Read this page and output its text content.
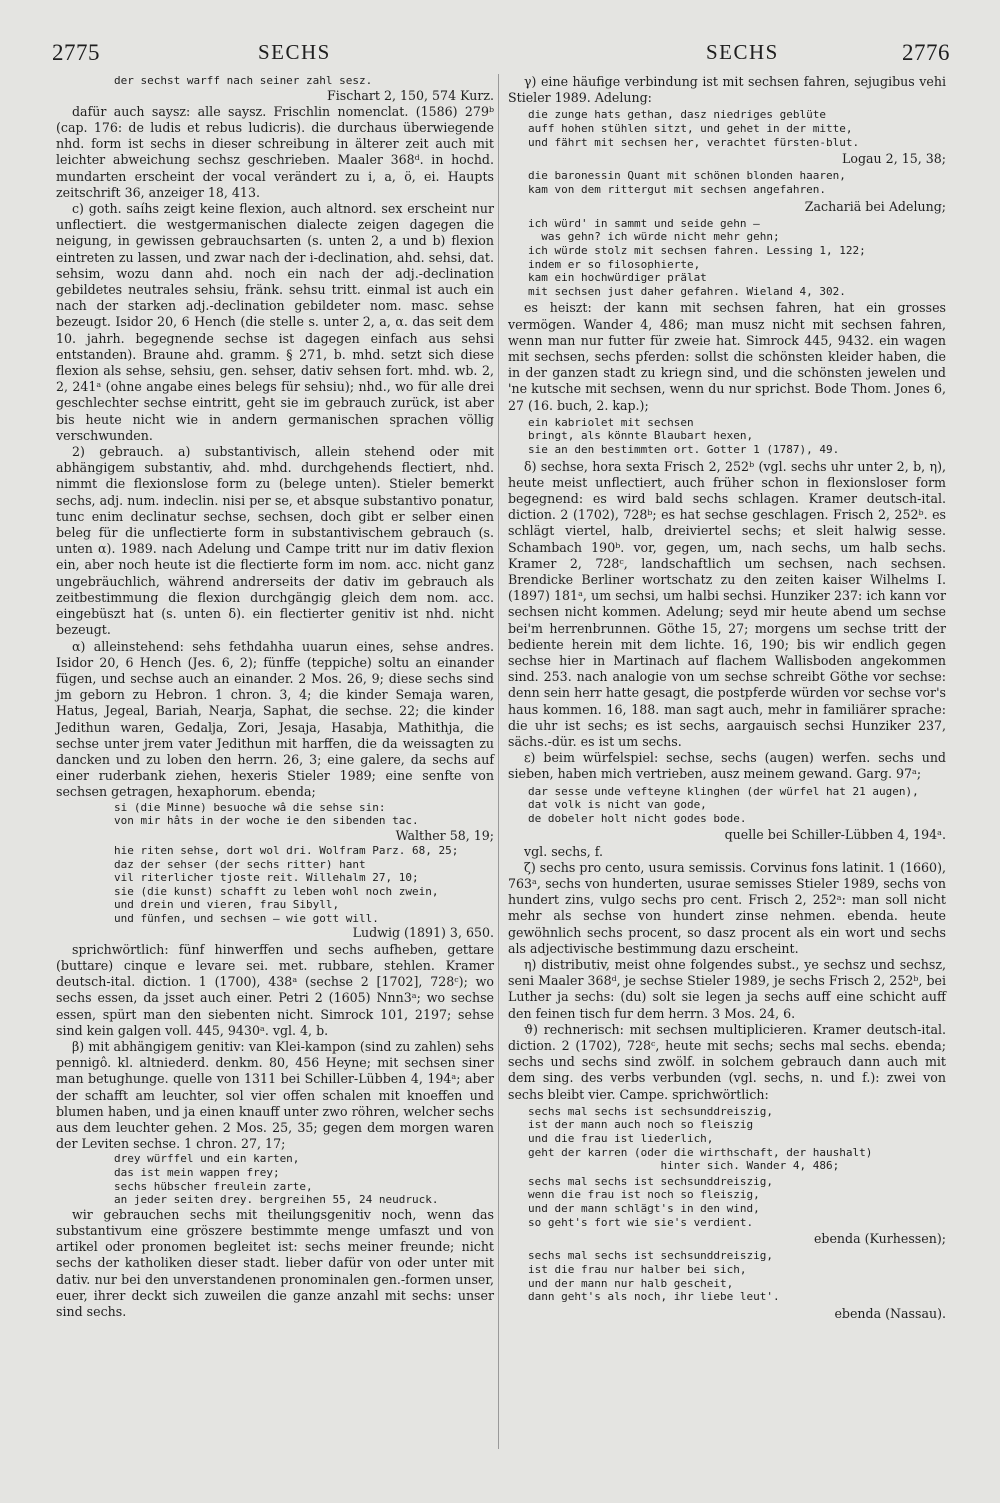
2775	SECHS	SECHS	2776
der sechst warff nach seiner zahl sesz.
Fischart 2, 150, 574 Kurz.
dafür auch saysz: alle saysz. Frischlin nomenclat. (1586) 279ᵇ (cap. 176: de ludis et rebus ludicris). die durchaus überwiegende nhd. form ist sechs in dieser schreibung in älterer zeit auch mit leichter abweichung sechsz geschrieben. Maaler 368ᵈ. in hochd. mundarten erscheint der vocal verändert zu i, a, ö, ei. Haupts zeitschrift 36, anzeiger 18, 413.
c) goth. saíhs zeigt keine flexion, auch altnord. sex erscheint nur unflectiert. die westgermanischen dialecte zeigen dagegen die neigung, in gewissen gebrauchsarten (s. unten 2, a und b) flexion eintreten zu lassen, und zwar nach der i-declination, ahd. sehsi, dat. sehsim, wozu dann ahd. noch ein nach der adj.-declination gebildetes neutrales sehsiu, fränk. sehsu tritt. einmal ist auch ein nach der starken adj.-declination gebildeter nom. masc. sehse bezeugt. Isidor 20, 6 Hench (die stelle s. unter 2, a, α. das seit dem 10. jahrh. begegnende sechse ist dagegen einfach aus sehsi entstanden). Braune ahd. gramm. § 271, b. mhd. setzt sich diese flexion als sehse, sehsiu, gen. sehser, dativ sehsen fort. mhd. wb. 2, 2, 241ᵃ (ohne angabe eines belegs für sehsiu); nhd., wo für alle drei geschlechter sechse eintritt, geht sie im gebrauch zurück, ist aber bis heute nicht wie in andern germanischen sprachen völlig verschwunden.
2) gebrauch. a) substantivisch, allein stehend oder mit abhängigem substantiv, ahd. mhd. durchgehends flectiert, nhd. nimmt die flexionslose form zu (belege unten). Stieler bemerkt sechs, adj. num. indeclin. nisi per se, et absque substantivo ponatur, tunc enim declinatur sechse, sechsen, doch gibt er selber einen beleg für die unflectierte form in substantivischem gebrauch (s. unten α). 1989. nach Adelung und Campe tritt nur im dativ flexion ein, aber noch heute ist die flectierte form im nom. acc. nicht ganz ungebräuchlich, während andrerseits der dativ im gebrauch als zeitbestimmung die flexion durchgängig gleich dem nom. acc. eingebüszt hat (s. unten δ). ein flectierter genitiv ist nhd. nicht bezeugt.
α) alleinstehend: sehs fethdahha uuarun eines, sehse andres. Isidor 20, 6 Hench (Jes. 6, 2); fünffe (teppiche) soltu an einander fügen, und sechse auch an einander. 2 Mos. 26, 9; diese sechs sind jm geborn zu Hebron. 1 chron. 3, 4; die kinder Semaja waren, Hatus, Jegeal, Bariah, Nearja, Saphat, die sechse. 22; die kinder Jedithun waren, Gedalja, Zori, Jesaja, Hasabja, Mathithja, die sechse unter jrem vater Jedithun mit harffen, die da weissagten zu dancken und zu loben den herrn. 26, 3; eine galere, da sechs auf einer ruderbank ziehen, hexeris Stieler 1989; eine senfte von sechsen getragen, hexaphorum. ebenda;
si (die Minne) besuoche wâ die sehse sin:
von mir hâts in der woche ie den sibenden tac.
Walther 58, 19;
hie riten sehse, dort wol dri. Wolfram Parz. 68, 25;
daz der sehser (der sechs ritter) hant
vil riterlicher tjoste reit. Willehalm 27, 10;
sie (die kunst) schafft zu leben wohl noch zwein,
und drein und vieren, frau Sibyll,
und fünfen, und sechsen — wie gott will.
Ludwig (1891) 3, 650.
sprichwörtlich: fünf hinwerffen und sechs aufheben, gettare (buttare) cinque e levare sei. met. rubbare, stehlen. Kramer deutsch-ital. diction. 1 (1700), 438ᵃ (sechse 2 [1702], 728ᶜ); wo sechs essen, da jsset auch einer. Petri 2 (1605) Nnn3ᵃ; wo sechse essen, spürt man den siebenten nicht. Simrock 101, 2197; sehse sind kein galgen voll. 445, 9430ᵃ. vgl. 4, b.
β) mit abhängigem genitiv: van Klei-kampon (sind zu zahlen) sehs pennigô. kl. altniederd. denkm. 80, 456 Heyne; mit sechsen siner man betughunge. quelle von 1311 bei Schiller-Lübben 4, 194ᵃ; aber der schafft am leuchter, sol vier offen schalen mit knoeffen und blumen haben, und ja einen knauff unter zwo röhren, welcher sechs aus dem leuchter gehen. 2 Mos. 25, 35; gegen dem morgen waren der Leviten sechse. 1 chron. 27, 17;
drey würffel und ein karten,
das ist mein wappen frey;
sechs hübscher freulein zarte,
an jeder seiten drey. bergreihen 55, 24 neudruck.
wir gebrauchen sechs mit theilungsgenitiv noch, wenn das substantivum eine gröszere bestimmte menge umfaszt und von artikel oder pronomen begleitet ist: sechs meiner freunde; nicht sechs der katholiken dieser stadt. lieber dafür von oder unter mit dativ. nur bei den unverstandenen pronominalen gen.-formen unser, euer, ihrer deckt sich zuweilen die ganze anzahl mit sechs: unser sind sechs.
γ) eine häufige verbindung ist mit sechsen fahren, sejugibus vehi Stieler 1989. Adelung:
die zunge hats gethan, dasz niedriges geblüte
auff hohen stühlen sitzt, und gehet in der mitte,
und fährt mit sechsen her, verachtet fürsten-blut.
Logau 2, 15, 38;
die baronessin Quant mit schönen blonden haaren,
kam von dem rittergut mit sechsen angefahren.
Zachariä bei Adelung;
ich würd' in sammt und seide gehn —
was gehn? ich würde nicht mehr gehn;
ich würde stolz mit sechsen fahren. Lessing 1, 122;
indem er so filosophierte,
kam ein hochwürdiger prälat
mit sechsen just daher gefahren. Wieland 4, 302.
es heiszt: der kann mit sechsen fahren, hat ein grosses vermögen. Wander 4, 486; man musz nicht mit sechsen fahren, wenn man nur futter für zweie hat. Simrock 445, 9432. ein wagen mit sechsen, sechs pferden: sollst die schönsten kleider haben, die in der ganzen stadt zu kriegn sind, und die schönsten jewelen und 'ne kutsche mit sechsen, wenn du nur sprichst. Bode Thom. Jones 6, 27 (16. buch, 2. kap.);
ein kabriolet mit sechsen
bringt, als könnte Blaubart hexen,
sie an den bestimmten ort. Gotter 1 (1787), 49.
δ) sechse, hora sexta Frisch 2, 252ᵇ (vgl. sechs uhr unter 2, b, η), heute meist unflectiert, auch früher schon in flexionsloser form begegnend: es wird bald sechs schlagen. Kramer deutsch-ital. diction. 2 (1702), 728ᵇ; es hat sechse geschlagen. Frisch 2, 252ᵇ. es schlägt viertel, halb, dreiviertel sechs; et sleit halwig sesse. Schambach 190ᵇ. vor, gegen, um, nach sechs, um halb sechs. Kramer 2, 728ᶜ, landschaftlich um sechsen, nach sechsen. Brendicke Berliner wortschatz zu den zeiten kaiser Wilhelms I. (1897) 181ᵃ, um sechsi, um halbi sechsi. Hunziker 237: ich kann vor sechsen nicht kommen. Adelung; seyd mir heute abend um sechse bei'm herrenbrunnen. Göthe 15, 27; morgens um sechse tritt der bediente herein mit dem lichte. 16, 190; bis wir endlich gegen sechse hier in Martinach auf flachem Wallisboden angekommen sind. 253. nach analogie von um sechse schreibt Göthe vor sechse: denn sein herr hatte gesagt, die postpferde würden vor sechse vor's haus kommen. 16, 188. man sagt auch, mehr in familiärer sprache: die uhr ist sechs; es ist sechs, aargauisch sechsi Hunziker 237, sächs.-dür. es ist um sechs.
ε) beim würfelspiel: sechse, sechs (augen) werfen. sechs und sieben, haben mich vertrieben, ausz meinem gewand. Garg. 97ᵃ;
dar sesse unde vefteyne klinghen (der würfel hat 21 augen),
dat volk is nicht van gode,
de dobeler holt nicht godes bode.
quelle bei Schiller-Lübben 4, 194ᵃ.
vgl. sechs, f.
ζ) sechs pro cento, usura semissis. Corvinus fons latinit. 1 (1660), 763ᵃ, sechs von hunderten, usurae semisses Stieler 1989, sechs von hundert zins, vulgo sechs pro cent. Frisch 2, 252ᵃ: man soll nicht mehr als sechse von hundert zinse nehmen. ebenda. heute gewöhnlich sechs procent, so dasz procent als ein wort und sechs als adjectivische bestimmung dazu erscheint.
η) distributiv, meist ohne folgendes subst., ye sechsz und sechsz, seni Maaler 368ᵈ, je sechse Stieler 1989, je sechs Frisch 2, 252ᵇ, bei Luther ja sechs: (du) solt sie legen ja sechs auff eine schicht auff den feinen tisch fur dem herrn. 3 Mos. 24, 6.
ϑ) rechnerisch: mit sechsen multiplicieren. Kramer deutsch-ital. diction. 2 (1702), 728ᶜ, heute mit sechs; sechs mal sechs. ebenda; sechs und sechs sind zwölf. in solchem gebrauch dann auch mit dem sing. des verbs verbunden (vgl. sechs, n. und f.): zwei von sechs bleibt vier. Campe. sprichwörtlich:
sechs mal sechs ist sechsunddreiszig,
ist der mann auch noch so fleiszig
und die frau ist liederlich,
geht der karren (oder die wirthschaft, der haushalt)
hinter sich. Wander 4, 486;
sechs mal sechs ist sechsunddreiszig,
wenn die frau ist noch so fleiszig,
und der mann schlägt's in den wind,
so geht's fort wie sie's verdient.
ebenda (Kurhessen);
sechs mal sechs ist sechsunddreiszig,
ist die frau nur halber bei sich,
und der mann nur halb gescheit,
dann geht's als noch, ihr liebe leut'.
ebenda (Nassau).
